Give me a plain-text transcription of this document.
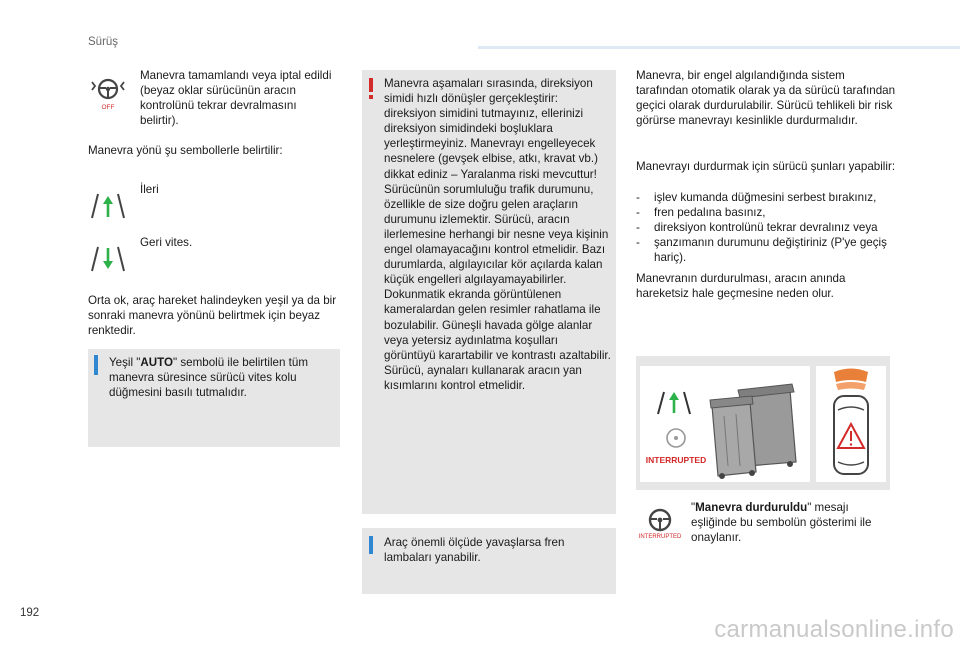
Sürüş
OFF
Manevra tamamlandı veya iptal edildi (beyaz oklar sürücünün aracın kontrolünü tekrar devralmasını belirtir).
Manevra yönü şu sembollerle belirtilir:
İleri
Geri vites.
Orta ok, araç hareket halindeyken yeşil ya da bir sonraki manevra yönünü belirtmek için beyaz renktedir.
Yeşil "AUTO" sembolü ile belirtilen tüm manevra süresince sürücü vites kolu düğmesini basılı tutmalıdır.
Manevra aşamaları sırasında, direksiyon simidi hızlı dönüşler gerçekleştirir: direksiyon simidini tutmayınız, ellerinizi direksiyon simidindeki boşluklara yerleştirmeyiniz. Manevrayı engelleyecek nesnelere (gevşek elbise, atkı, kravat vb.) dikkat ediniz – Yaralanma riski mevcuttur! Sürücünün sorumluluğu trafik durumunu, özellikle de size doğru gelen araçların durumunu izlemektir. Sürücü, aracın ilerlemesine herhangi bir nesne veya kişinin engel olamayacağını kontrol etmelidir. Bazı durumlarda, algılayıcılar kör açılarda kalan küçük engelleri algılayamayabilirler. Dokunmatik ekranda görüntülenen kameralardan gelen resimler rahatlama ile bozulabilir. Güneşli havada gölge alanlar veya yetersiz aydınlatma koşulları görüntüyü karartabilir ve kontrastı azaltabilir. Sürücü, aynaları kullanarak aracın yan kısımlarını kontrol etmelidir.
Araç önemli ölçüde yavaşlarsa fren lambaları yanabilir.
Manevra, bir engel algılandığında sistem tarafından otomatik olarak ya da sürücü tarafından geçici olarak durdurulabilir. Sürücü tehlikeli bir risk görürse manevrayı kesinlikle durdurmalıdır.
Manevrayı durdurmak için sürücü şunları yapabilir:
- işlev kumanda düğmesini serbest bırakınız,
- fren pedalına basınız,
- direksiyon kontrolünü tekrar devralınız veya
- şanzımanın durumunu değiştiriniz (P'ye geçiş hariç).
Manevranın durdurulması, aracın anında hareketsiz hale geçmesine neden olur.
INTERRUPTED
INTERRUPTED
"Manevra durduruldu" mesajı eşliğinde bu sembolün gösterimi ile onaylanır.
192
carmanualsonline.info
